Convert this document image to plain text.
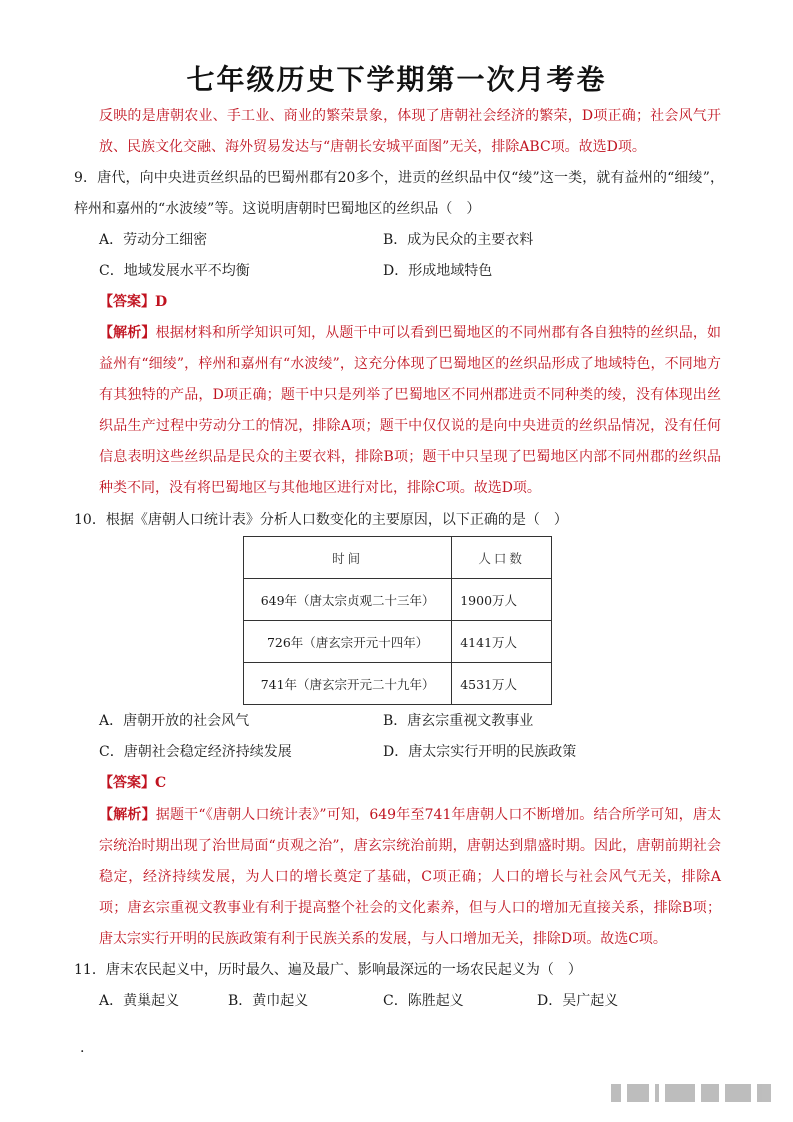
七年级历史下学期第一次月考卷
反映的是唐朝农业、手工业、商业的繁荣景象，体现了唐朝社会经济的繁荣，D项正确；社会风气开放、民族文化交融、海外贸易发达与“唐朝长安城平面图”无关，排除ABC项。故选D项。
9．唐代，向中央进贡丝织品的巴蜀州郡有20多个，进贡的丝织品中仅“绫”这一类，就有益州的“细绫”，梓州和嘉州的“水波绫”等。这说明唐朝时巴蜀地区的丝织品（　）
A．劳动分工细密	B．成为民众的主要衣料
C．地域发展水平不均衡	D．形成地域特色
【答案】D
【解析】根据材料和所学知识可知，从题干中可以看到巴蜀地区的不同州郡有各自独特的丝织品，如益州有“细绫”，梓州和嘉州有“水波绫”，这充分体现了巴蜀地区的丝织品形成了地域特色，不同地方有其独特的产品，D项正确；题干中只是列举了巴蜀地区不同州郡进贡不同种类的绫，没有体现出丝织品生产过程中劳动分工的情况，排除A项；题干中仅仅说的是向中央进贡的丝织品情况，没有任何信息表明这些丝织品是民众的主要衣料，排除B项；题干中只呈现了巴蜀地区内部不同州郡的丝织品种类不同，没有将巴蜀地区与其他地区进行对比，排除C项。故选D项。
10．根据《唐朝人口统计表》分析人口数变化的主要原因，以下正确的是（　）
时间	人口数
649年（唐太宗贞观二十三年）	1900万人
726年（唐玄宗开元十四年）	4141万人
741年（唐玄宗开元二十九年）	4531万人
A．唐朝开放的社会风气	B．唐玄宗重视文教事业
C．唐朝社会稳定经济持续发展	D．唐太宗实行开明的民族政策
【答案】C
【解析】据题干“《唐朝人口统计表》”可知，649年至741年唐朝人口不断增加。结合所学可知，唐太宗统治时期出现了治世局面“贞观之治”，唐玄宗统治前期，唐朝达到鼎盛时期。因此，唐朝前期社会稳定，经济持续发展，为人口的增长奠定了基础，C项正确；人口的增长与社会风气无关，排除A项；唐玄宗重视文教事业有利于提高整个社会的文化素养，但与人口的增加无直接关系，排除B项；唐太宗实行开明的民族政策有利于民族关系的发展，与人口增加无关，排除D项。故选C项。
11．唐末农民起义中，历时最久、遍及最广、影响最深远的一场农民起义为（　）
A．黄巢起义	B．黄巾起义	C．陈胜起义	D．吴广起义
.
